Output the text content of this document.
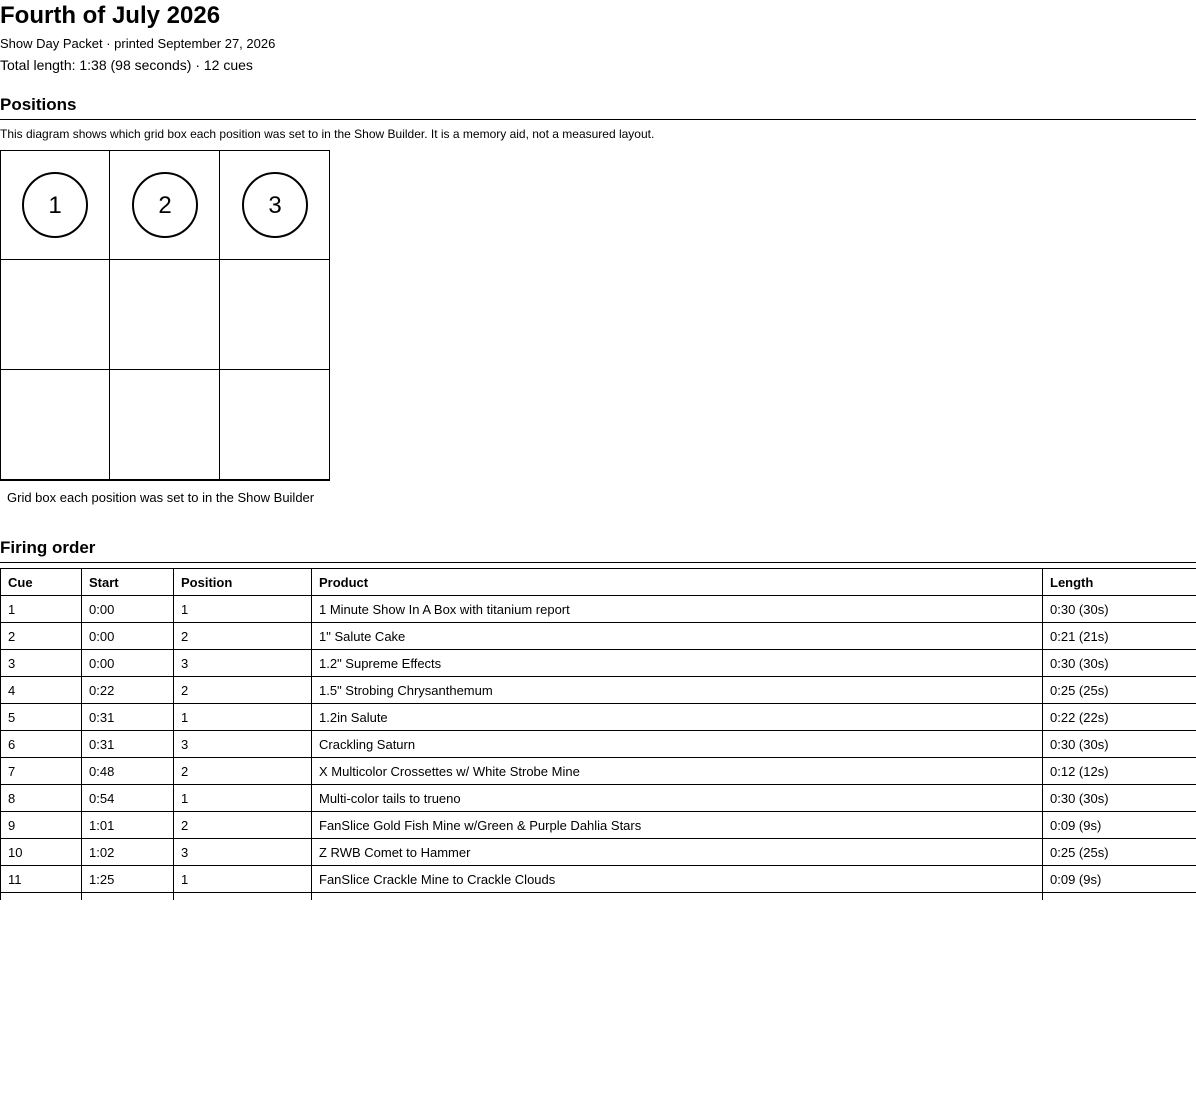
Fourth of July 2026
Show Day Packet · printed September 27, 2026
Total length: 1:38 (98 seconds) · 12 cues
Positions
This diagram shows which grid box each position was set to in the Show Builder. It is a memory aid, not a measured layout.
1	2	3
Grid box each position was set to in the Show Builder
Firing order
Cue	Start	Position	Product	Length
1	0:00	1	1 Minute Show In A Box with titanium report	0:30 (30s)
2	0:00	2	1" Salute Cake	0:21 (21s)
3	0:00	3	1.2" Supreme Effects	0:30 (30s)
4	0:22	2	1.5" Strobing Chrysanthemum	0:25 (25s)
5	0:31	1	1.2in Salute	0:22 (22s)
6	0:31	3	Crackling Saturn	0:30 (30s)
7	0:48	2	X Multicolor Crossettes w/ White Strobe Mine	0:12 (12s)
8	0:54	1	Multi-color tails to trueno	0:30 (30s)
9	1:01	2	FanSlice Gold Fish Mine w/Green & Purple Dahlia Stars	0:09 (9s)
10	1:02	3	Z RWB Comet to Hammer	0:25 (25s)
11	1:25	1	FanSlice Crackle Mine to Crackle Clouds	0:09 (9s)
